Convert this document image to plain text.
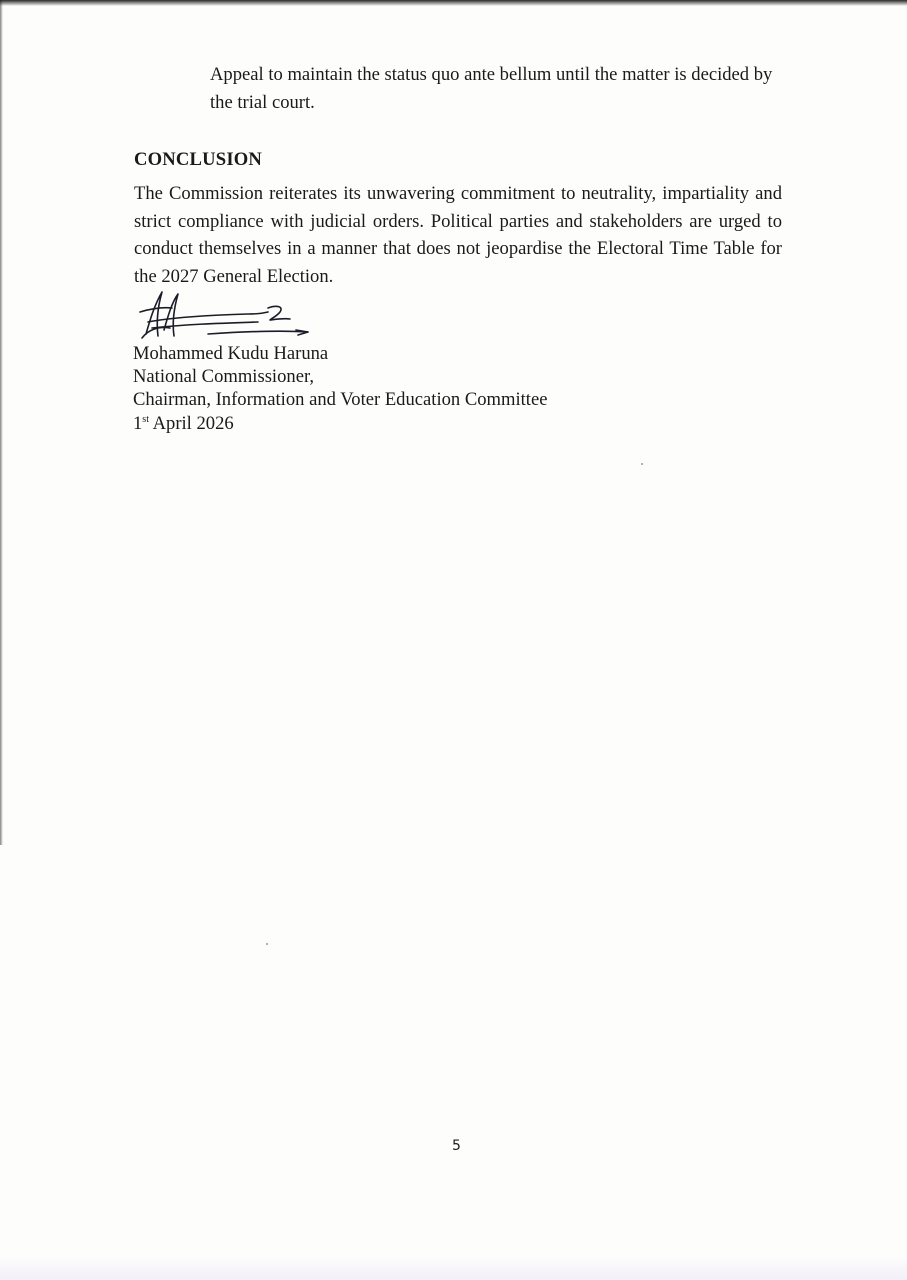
Appeal to maintain the status quo ante bellum until the matter is decided by the trial court.

CONCLUSION

The Commission reiterates its unwavering commitment to neutrality, impartiality and strict compliance with judicial orders. Political parties and stakeholders are urged to conduct themselves in a manner that does not jeopardise the Electoral Time Table for the 2027 General Election.

Mohammed Kudu Haruna
National Commissioner,
Chairman, Information and Voter Education Committee
1st April 2026
5
